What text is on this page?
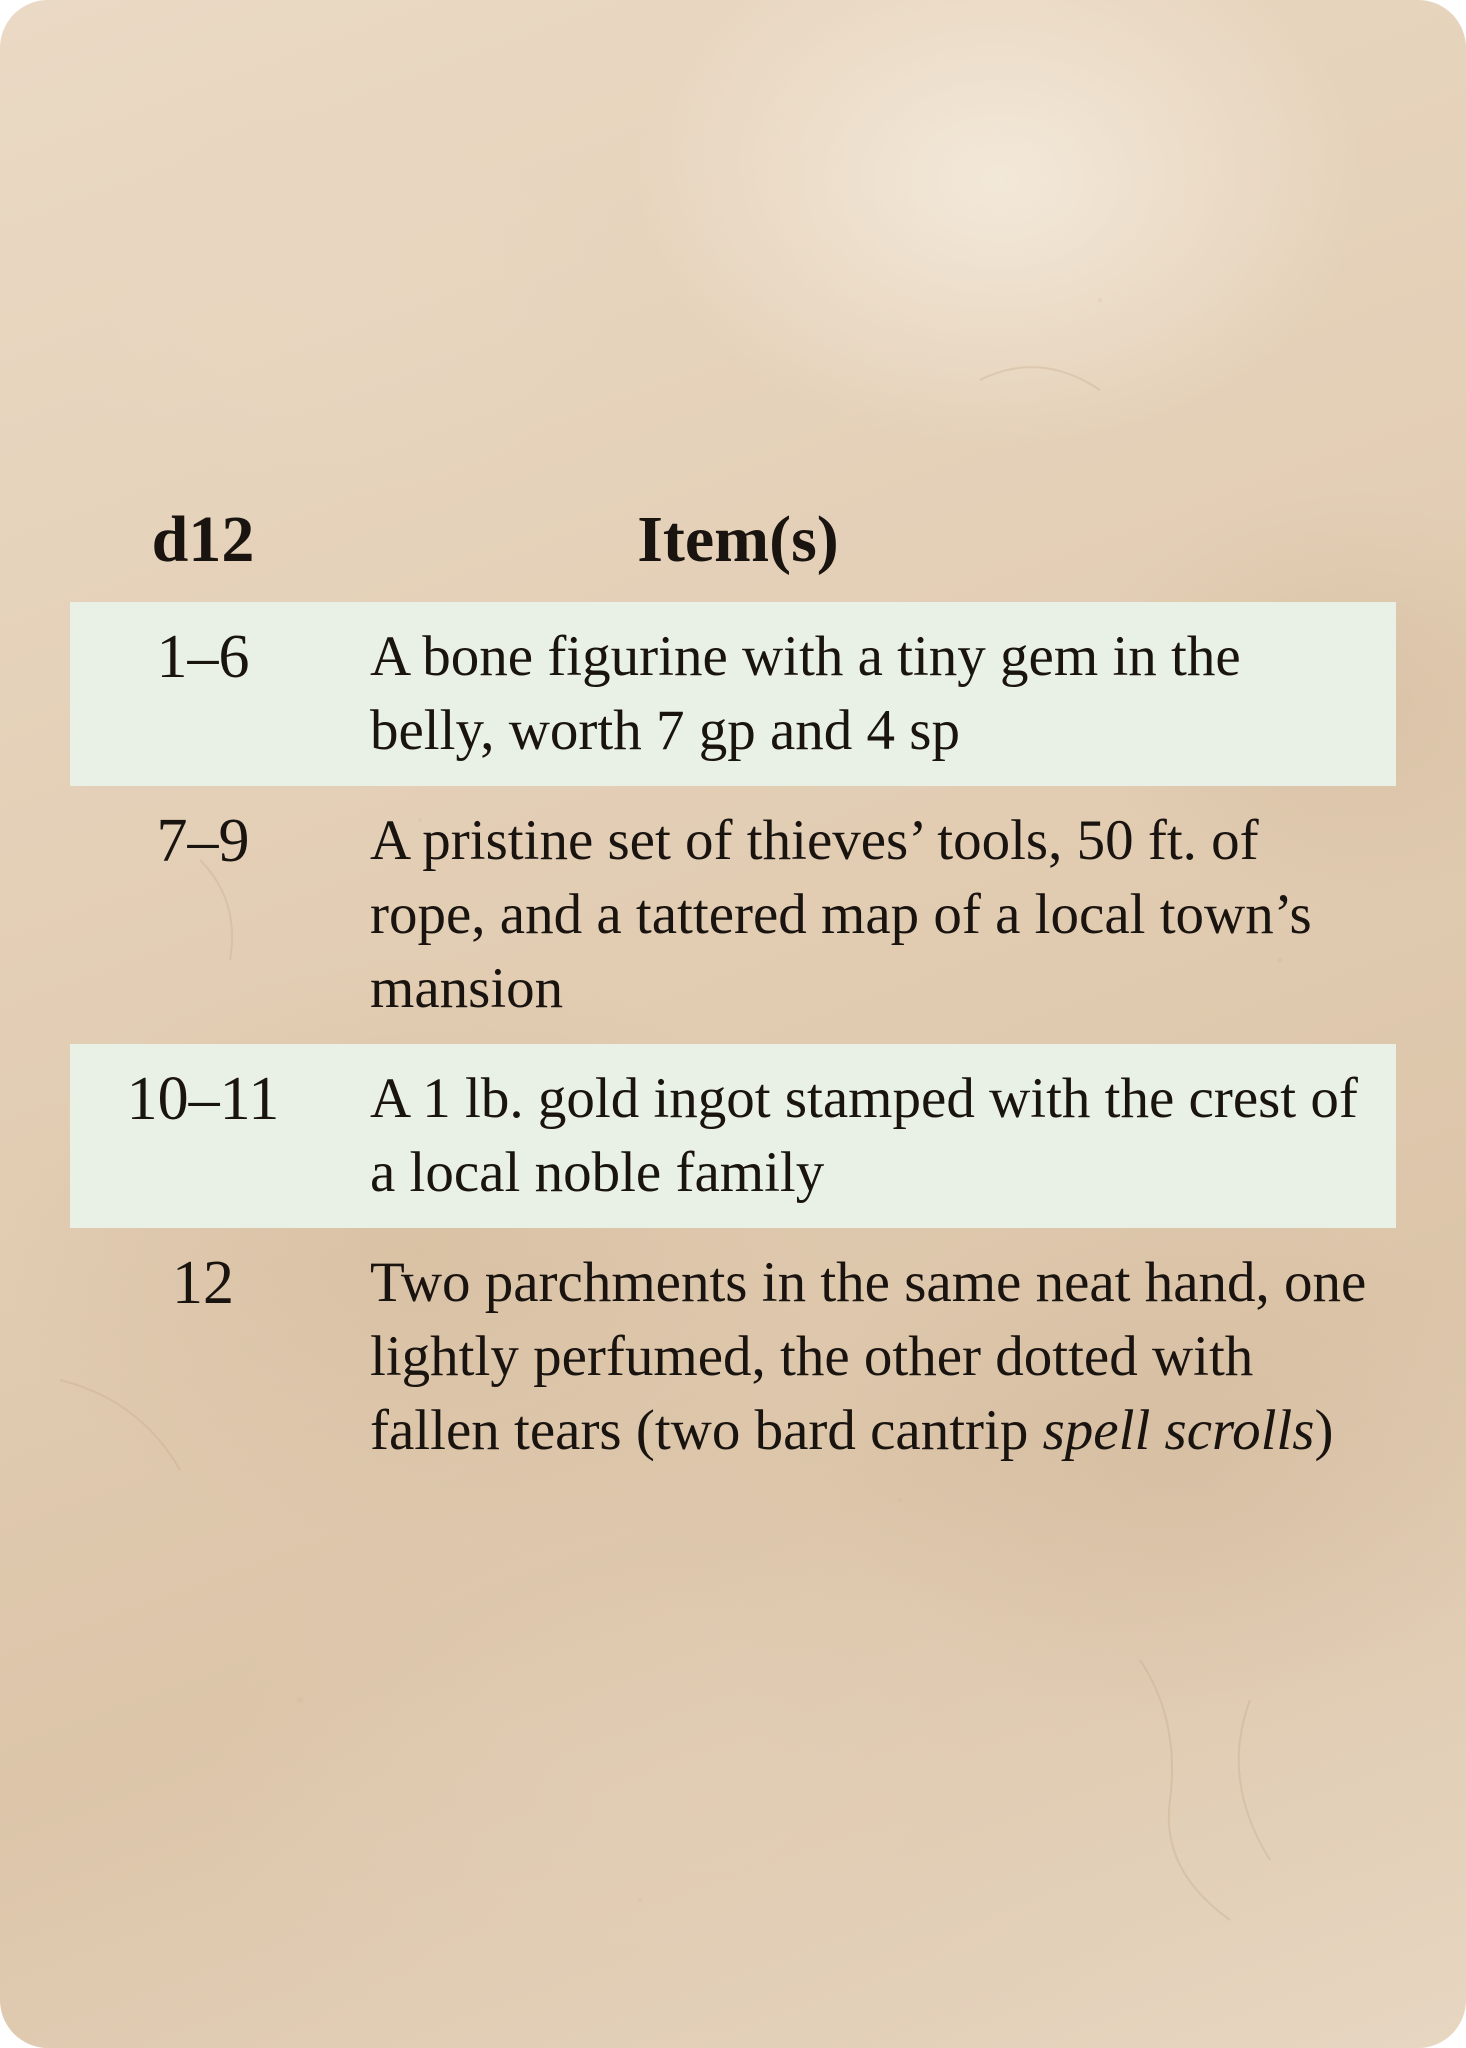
d12	Item(s)
1–6	A bone figurine with a tiny gem in the belly, worth 7 gp and 4 sp
7–9	A pristine set of thieves’ tools, 50 ft. of rope, and a tattered map of a local town’s mansion
10–11	A 1 lb. gold ingot stamped with the crest of a local noble family
12	Two parchments in the same neat hand, one lightly perfumed, the other dotted with fallen tears (two bard cantrip spell scrolls)
